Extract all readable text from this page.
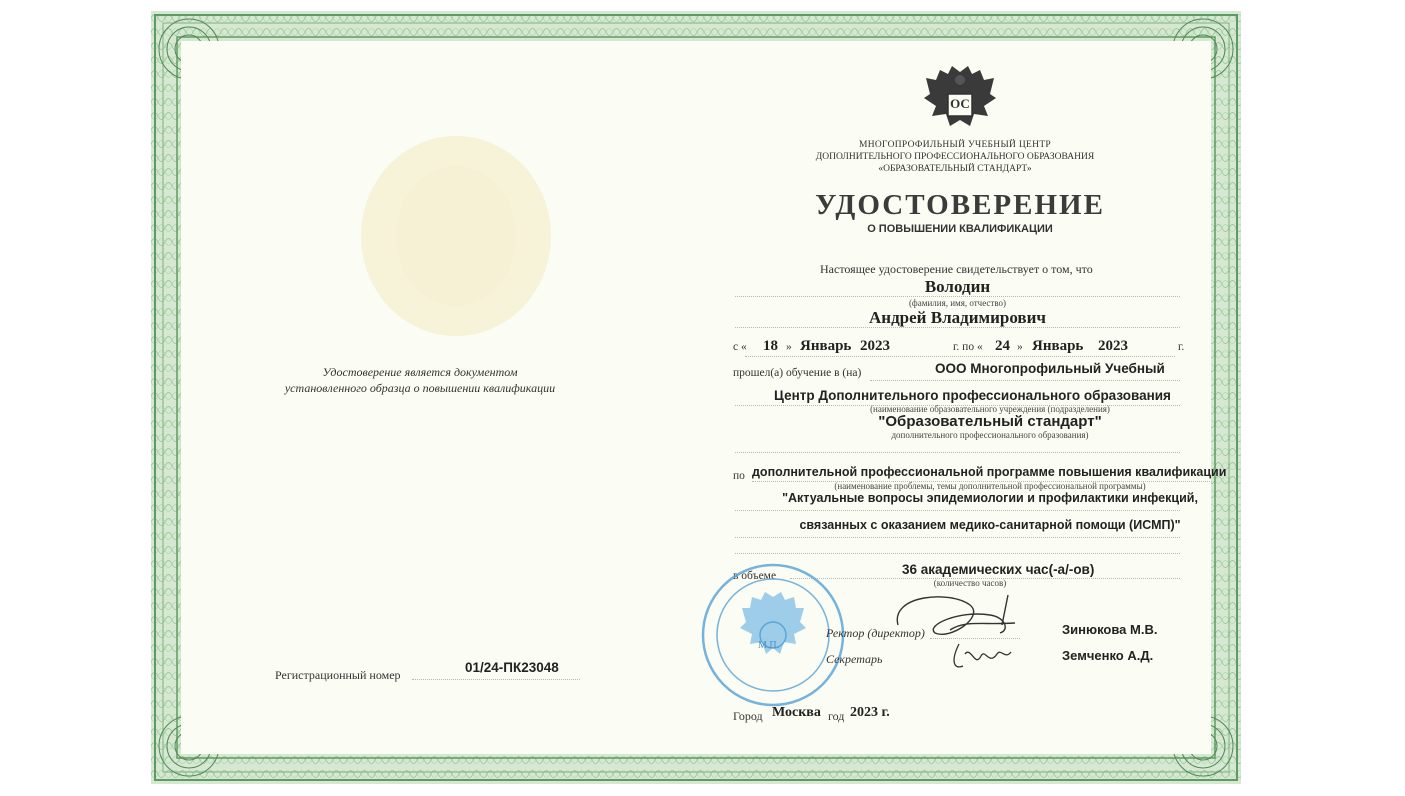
ОС
МНОГОПРОФИЛЬНЫЙ УЧЕБНЫЙ ЦЕНТР
ДОПОЛНИТЕЛЬНОГО ПРОФЕССИОНАЛЬНОГО ОБРАЗОВАНИЯ
«ОБРАЗОВАТЕЛЬНЫЙ СТАНДАРТ»
УДОСТОВЕРЕНИЕ
О ПОВЫШЕНИИ КВАЛИФИКАЦИИ
Настоящее удостоверение свидетельствует о том, что
Володин
(фамилия, имя, отчество)
Андрей Владимирович
с « 18 » Январь 2023	г. по « 24 » Январь 2023	г.
прошел(а) обучение в (на)	ООО Многопрофильный Учебный
Центр Дополнительного профессионального образования
(наименование образовательного учреждения (подразделения)
"Образовательный стандарт"
дополнительного профессионального образования)
по дополнительной профессиональной программе повышения квалификации
(наименование проблемы, темы дополнительной профессиональной программы)
"Актуальные вопросы эпидемиологии и профилактики инфекций,
связанных с оказанием медико-санитарной помощи (ИСМП)"
в объеме	36 академических час(-а/-ов)
(количество часов)
М.П.
Ректор (директор)	Зинюкова М.В.
Секретарь	Земченко А.Д.
Удостоверение является документом
установленного образца о повышении квалификации
Регистрационный номер	01/24-ПК23048
Город Москва год 2023 г.
